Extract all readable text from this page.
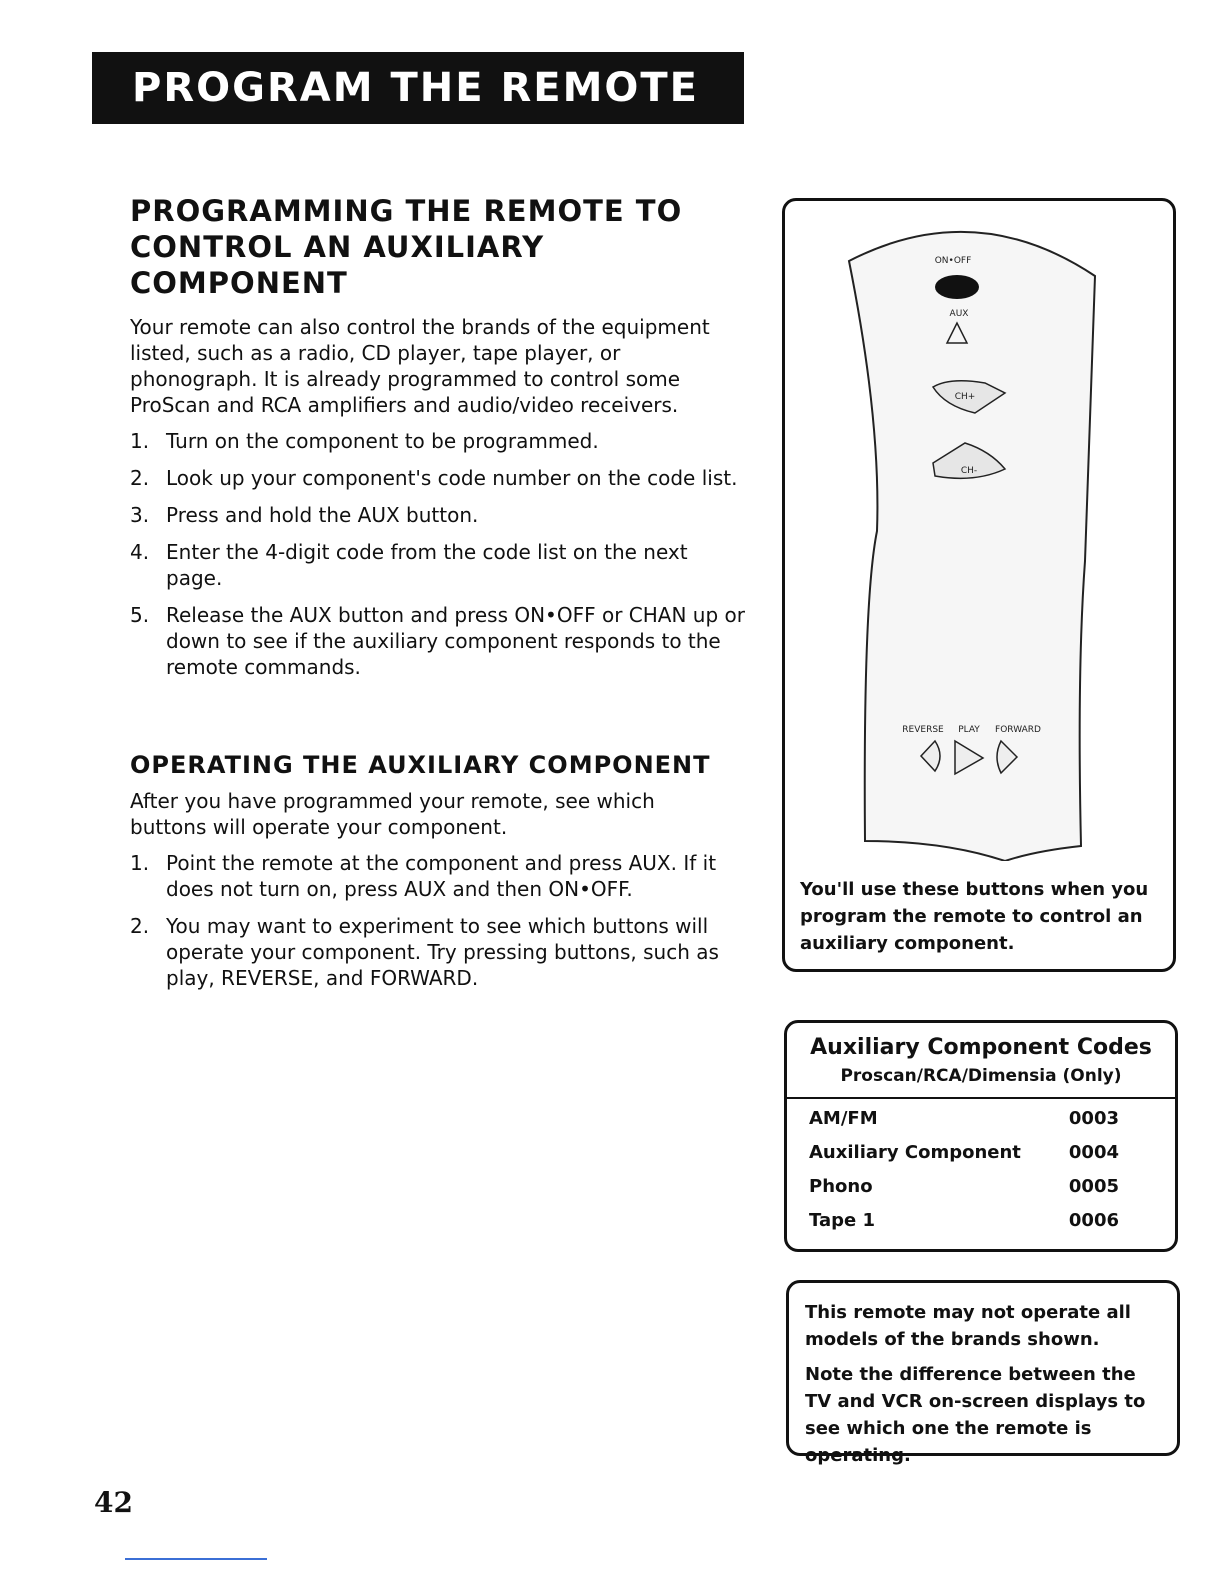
PROGRAM THE REMOTE
PROGRAMMING THE REMOTE TO
CONTROL AN AUXILIARY
COMPONENT

Your remote can also control the brands of the equipment listed, such as a radio, CD player, tape player, or phonograph. It is already programmed to control some ProScan and RCA amplifiers and audio/video receivers.

1. Turn on the component to be programmed.
2. Look up your component's code number on the code list.
3. Press and hold the AUX button.
4. Enter the 4-digit code from the code list on the next page.
5. Release the AUX button and press ON•OFF or CHAN up or down to see if the auxiliary component responds to the remote commands.
OPERATING THE AUXILIARY COMPONENT

After you have programmed your remote, see which buttons will operate your component.

1. Point the remote at the component and press AUX. If it does not turn on, press AUX and then ON•OFF.
2. You may want to experiment to see which buttons will operate your component. Try pressing buttons, such as play, REVERSE, and FORWARD.
ON•OFF
AUX
CH+
CH-
REVERSE PLAY FORWARD
You'll use these buttons when you program the remote to control an auxiliary component.
Auxiliary Component Codes
Proscan/RCA/Dimensia (Only)
AM/FM	0003
Auxiliary Component	0004
Phono	0005
Tape 1	0006

This remote may not operate all models of the brands shown.

Note the difference between the TV and VCR on-screen displays to see which one the remote is operating.

42
